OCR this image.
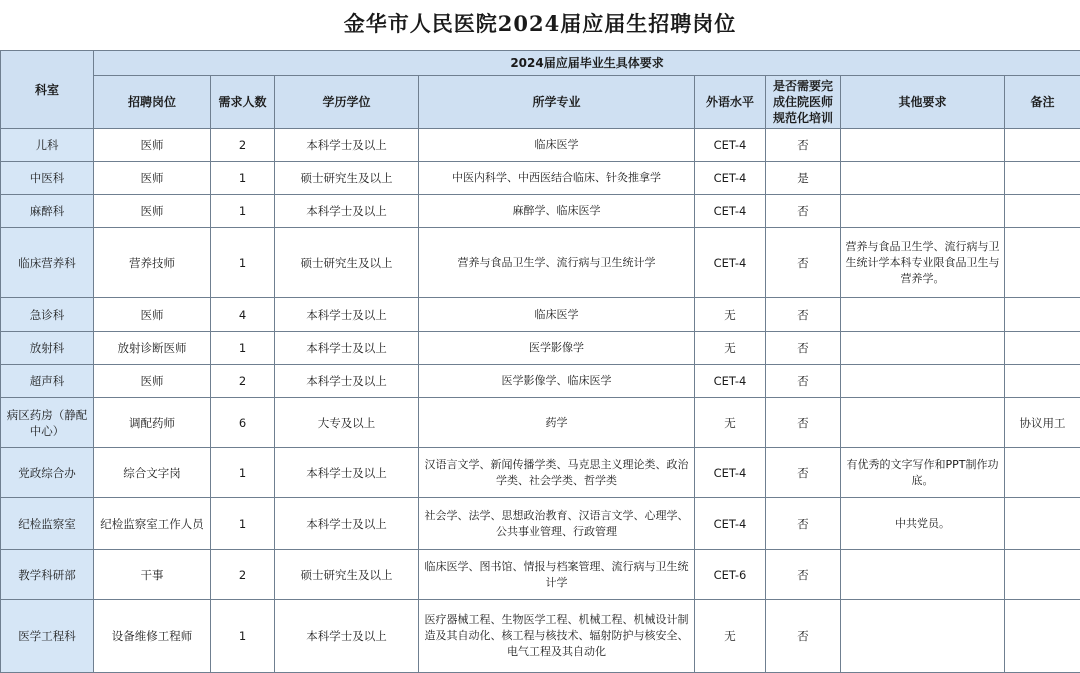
金华市人民医院2024届应届生招聘岗位
科室	2024届应届毕业生具体要求							
	招聘岗位	需求人数	学历学位	所学专业	外语水平	是否需要完成住院医师规范化培训	其他要求	备注
儿科	医师	2	本科学士及以上	临床医学	CET-4	否		
中医科	医师	1	硕士研究生及以上	中医内科学、中西医结合临床、针灸推拿学	CET-4	是		
麻醉科	医师	1	本科学士及以上	麻醉学、临床医学	CET-4	否		
临床营养科	营养技师	1	硕士研究生及以上	营养与食品卫生学、流行病与卫生统计学	CET-4	否	营养与食品卫生学、流行病与卫生统计学本科专业限食品卫生与营养学。	
急诊科	医师	4	本科学士及以上	临床医学	无	否		
放射科	放射诊断医师	1	本科学士及以上	医学影像学	无	否		
超声科	医师	2	本科学士及以上	医学影像学、临床医学	CET-4	否		
病区药房（静配中心）	调配药师	6	大专及以上	药学	无	否		协议用工
党政综合办	综合文字岗	1	本科学士及以上	汉语言文学、新闻传播学类、马克思主义理论类、政治学类、社会学类、哲学类	CET-4	否	有优秀的文字写作和PPT制作功底。	
纪检监察室	纪检监察室工作人员	1	本科学士及以上	社会学、法学、思想政治教育、汉语言文学、心理学、公共事业管理、行政管理	CET-4	否	中共党员。	
教学科研部	干事	2	硕士研究生及以上	临床医学、图书馆、情报与档案管理、流行病与卫生统计学	CET-6	否		
医学工程科	设备维修工程师	1	本科学士及以上	医疗器械工程、生物医学工程、机械工程、机械设计制造及其自动化、核工程与核技术、辐射防护与核安全、电气工程及其自动化	无	否		
